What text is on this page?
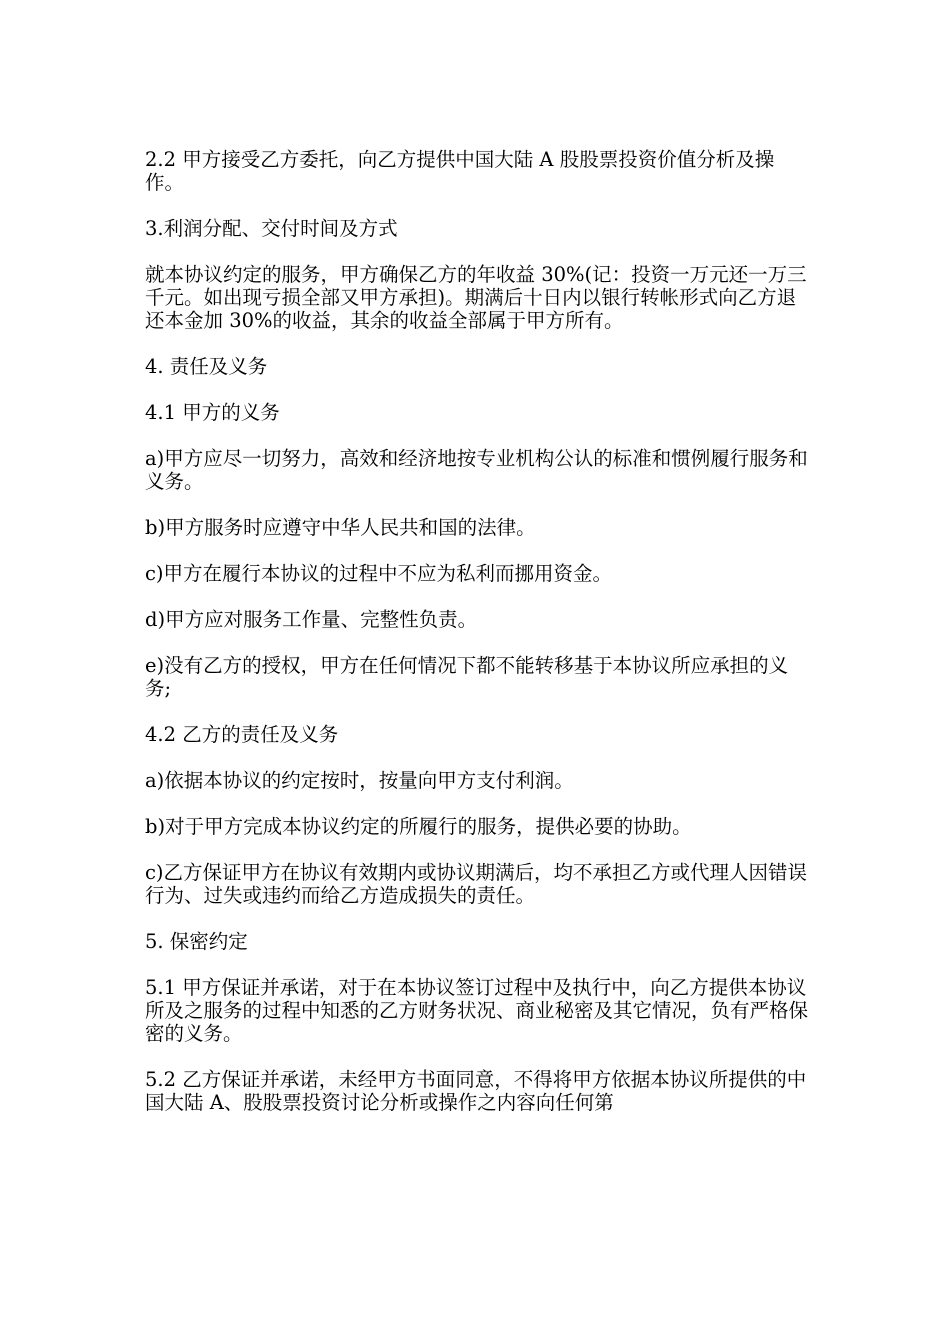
2.2 甲方接受乙方委托，向乙方提供中国大陆 A 股股票投资价值分析及操作。

3.利润分配、交付时间及方式

就本协议约定的服务，甲方确保乙方的年收益 30%(记：投资一万元还一万三千元。如出现亏损全部又甲方承担)。期满后十日内以银行转帐形式向乙方退还本金加 30%的收益，其余的收益全部属于甲方所有。

4. 责任及义务

4.1 甲方的义务

a)甲方应尽一切努力，高效和经济地按专业机构公认的标准和惯例履行服务和义务。

b)甲方服务时应遵守中华人民共和国的法律。

c)甲方在履行本协议的过程中不应为私利而挪用资金。

d)甲方应对服务工作量、完整性负责。

e)没有乙方的授权，甲方在任何情况下都不能转移基于本协议所应承担的义务;

4.2 乙方的责任及义务

a)依据本协议的约定按时，按量向甲方支付利润。

b)对于甲方完成本协议约定的所履行的服务，提供必要的协助。

c)乙方保证甲方在协议有效期内或协议期满后，均不承担乙方或代理人因错误行为、过失或违约而给乙方造成损失的责任。

5. 保密约定

5.1 甲方保证并承诺，对于在本协议签订过程中及执行中，向乙方提供本协议所及之服务的过程中知悉的乙方财务状况、商业秘密及其它情况，负有严格保密的义务。

5.2 乙方保证并承诺，未经甲方书面同意，不得将甲方依据本协议所提供的中国大陆 A、股股票投资讨论分析或操作之内容向任何第
